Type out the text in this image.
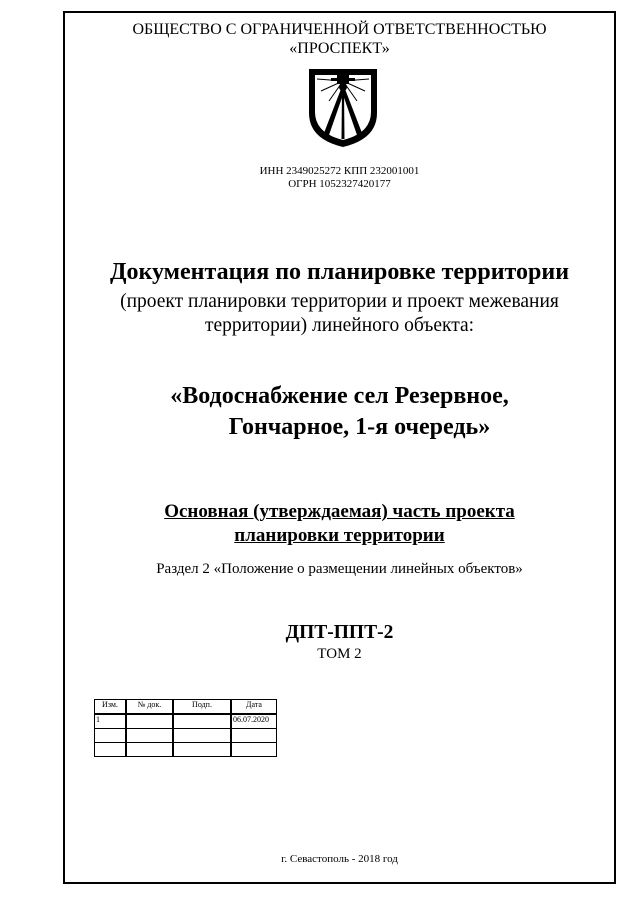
ОБЩЕСТВО С ОГРАНИЧЕННОЙ ОТВЕТСТВЕННОСТЬЮ
«ПРОСПЕКТ»
ИНН 2349025272 КПП 232001001
ОГРН 1052327420177
Документация по планировке территории
(проект планировки территории и проект межевания
территории) линейного объекта:
«Водоснабжение сел Резервное,
Гончарное, 1-я очередь»
Основная (утверждаемая) часть проекта
планировки территории
Раздел 2 «Положение о размещении линейных объектов»
ДПТ-ППТ-2
ТОМ 2
Изм.	№ док.	Подп.	Дата
1			06.07.2020

г. Севастополь - 2018 год
